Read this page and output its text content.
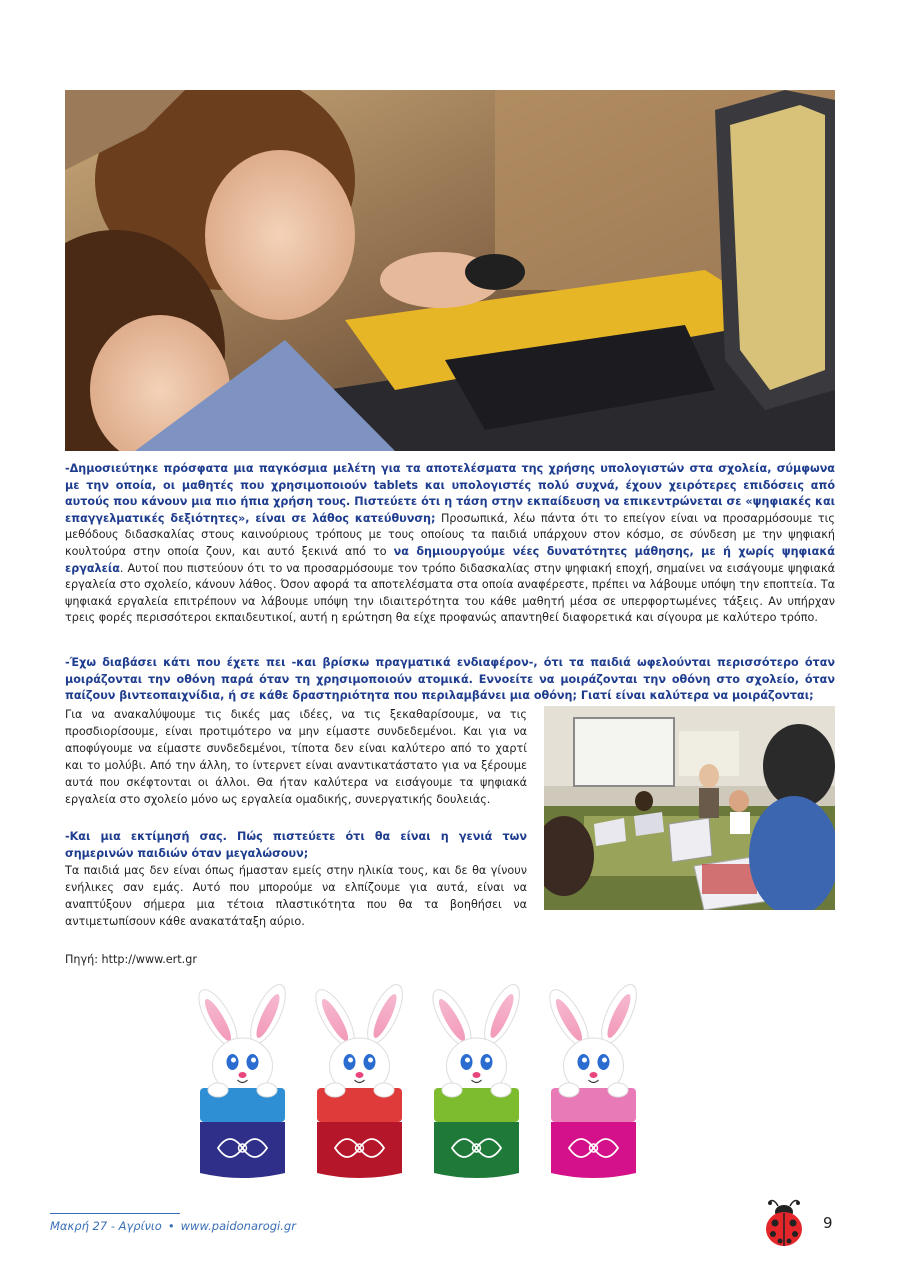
-Δημοσιεύτηκε πρόσφατα μια παγκόσμια μελέτη για τα αποτελέσματα της χρήσης υπολογιστών στα σχολεία, σύμφωνα με την οποία, οι μαθητές που χρησιμοποιούν tablets και υπολογιστές πολύ συχνά, έχουν χειρότερες επιδόσεις από αυτούς που κάνουν μια πιο ήπια χρήση τους. Πιστεύετε ότι η τάση στην εκπαίδευση να επικεντρώνεται σε «ψηφιακές και επαγγελματικές δεξιότητες», είναι σε λάθος κατεύθυνση; Προσωπικά, λέω πάντα ότι το επείγον είναι να προσαρμόσουμε τις μεθόδους διδασκαλίας στους καινούριους τρόπους με τους οποίους τα παιδιά υπάρχουν στον κόσμο, σε σύνδεση με την ψηφιακή κουλτούρα στην οποία ζουν, και αυτό ξεκινά από το να δημιουργούμε νέες δυνατότητες μάθησης, με ή χωρίς ψηφιακά εργαλεία. Αυτοί που πιστεύουν ότι το να προσαρμόσουμε τον τρόπο διδασκαλίας στην ψηφιακή εποχή, σημαίνει να εισάγουμε ψηφιακά εργαλεία στο σχολείο, κάνουν λάθος. Όσον αφορά τα αποτελέσματα στα οποία αναφέρεστε, πρέπει να λάβουμε υπόψη την εποπτεία. Τα ψηφιακά εργαλεία επιτρέπουν να λάβουμε υπόψη την ιδιαιτερότητα του κάθε μαθητή μέσα σε υπερφορτωμένες τάξεις. Αν υπήρχαν τρεις φορές περισσότεροι εκπαιδευτικοί, αυτή η ερώτηση θα είχε προφανώς απαντηθεί διαφορετικά και σίγουρα με καλύτερο τρόπο.
-Έχω διαβάσει κάτι που έχετε πει -και βρίσκω πραγματικά ενδιαφέρον-, ότι τα παιδιά ωφελούνται περισσότερο όταν μοιράζονται την οθόνη παρά όταν τη χρησιμοποιούν ατομικά. Εννοείτε να μοιράζονται την οθόνη στο σχολείο, όταν παίζουν βιντεοπαιχνίδια, ή σε κάθε δραστηριότητα που περιλαμβάνει μια οθόνη; Γιατί είναι καλύτερα να μοιράζονται;
Για να ανακαλύψουμε τις δικές μας ιδέες, να τις ξεκαθαρίσουμε, να τις προσδιορίσουμε, είναι προτιμότερο να μην είμαστε συνδεδεμένοι. Και για να αποφύγουμε να είμαστε συνδεδεμένοι, τίποτα δεν είναι καλύτερο από το χαρτί και το μολύβι. Από την άλλη, το ίντερνετ είναι αναντικατάστατο για να ξέρουμε αυτά που σκέφτονται οι άλλοι. Θα ήταν καλύτερα να εισάγουμε τα ψηφιακά εργαλεία στο σχολείο μόνο ως εργαλεία ομαδικής, συνεργατικής δουλειάς.
-Και μια εκτίμησή σας. Πώς πιστεύετε ότι θα είναι η γενιά των σημερινών παιδιών όταν μεγαλώσουν;
Τα παιδιά μας δεν είναι όπως ήμασταν εμείς στην ηλικία τους, και δε θα γίνουν ενήλικες σαν εμάς. Αυτό που μπορούμε να ελπίζουμε για αυτά, είναι να αναπτύξουν σήμερα μια τέτοια πλαστικότητα που θα τα βοηθήσει να αντιμετωπίσουν κάθε ανακατάταξη αύριο.
Πηγή: http://www.ert.gr
Μακρή 27 - Αγρίνιο • www.paidonarogi.gr	9
